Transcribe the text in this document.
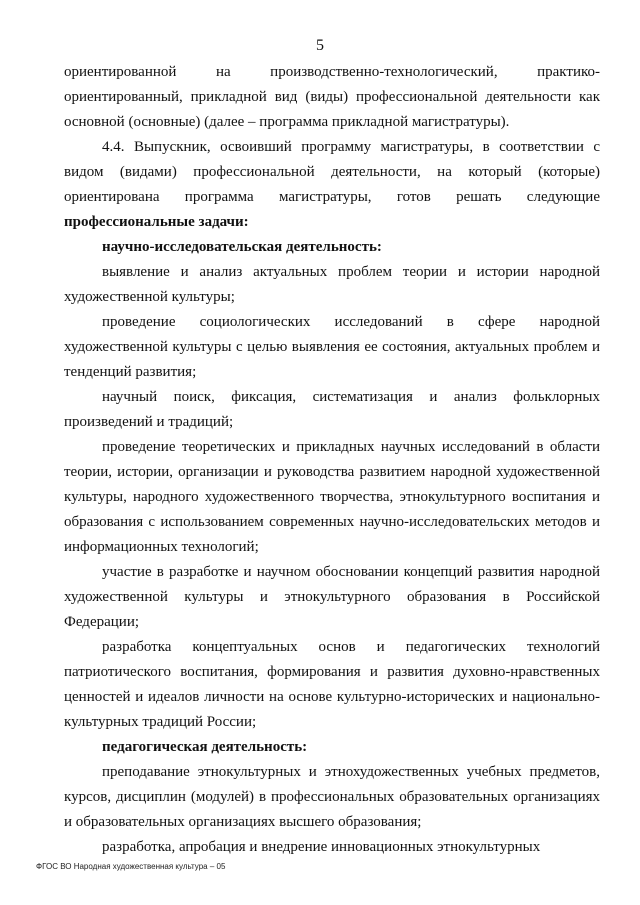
5

ориентированной на производственно-технологический, практико-ориентированный, прикладной вид (виды) профессиональной деятельности как основной (основные) (далее – программа прикладной магистратуры).

4.4. Выпускник, освоивший программу магистратуры, в соответствии с видом (видами) профессиональной деятельности, на который (которые) ориентирована программа магистратуры, готов решать следующие профессиональные задачи:

научно-исследовательская деятельность:

выявление и анализ актуальных проблем теории и истории народной художественной культуры;

проведение социологических исследований в сфере народной художественной культуры с целью выявления ее состояния, актуальных проблем и тенденций развития;

научный поиск, фиксация, систематизация и анализ фольклорных произведений и традиций;

проведение теоретических и прикладных научных исследований в области теории, истории, организации и руководства развитием народной художественной культуры, народного художественного творчества, этнокультурного воспитания и образования с использованием современных научно-исследовательских методов и информационных технологий;

участие в разработке и научном обосновании концепций развития народной художественной культуры и этнокультурного образования в Российской Федерации;

разработка концептуальных основ и педагогических технологий патриотического воспитания, формирования и развития духовно-нравственных ценностей и идеалов личности на основе культурно-исторических и национально-культурных традиций России;

педагогическая деятельность:

преподавание этнокультурных и этнохудожественных учебных предметов, курсов, дисциплин (модулей) в профессиональных образовательных организациях и образовательных организациях высшего образования;

разработка, апробация и внедрение инновационных этнокультурных

ФГОС ВО Народная художественная культура – 05
